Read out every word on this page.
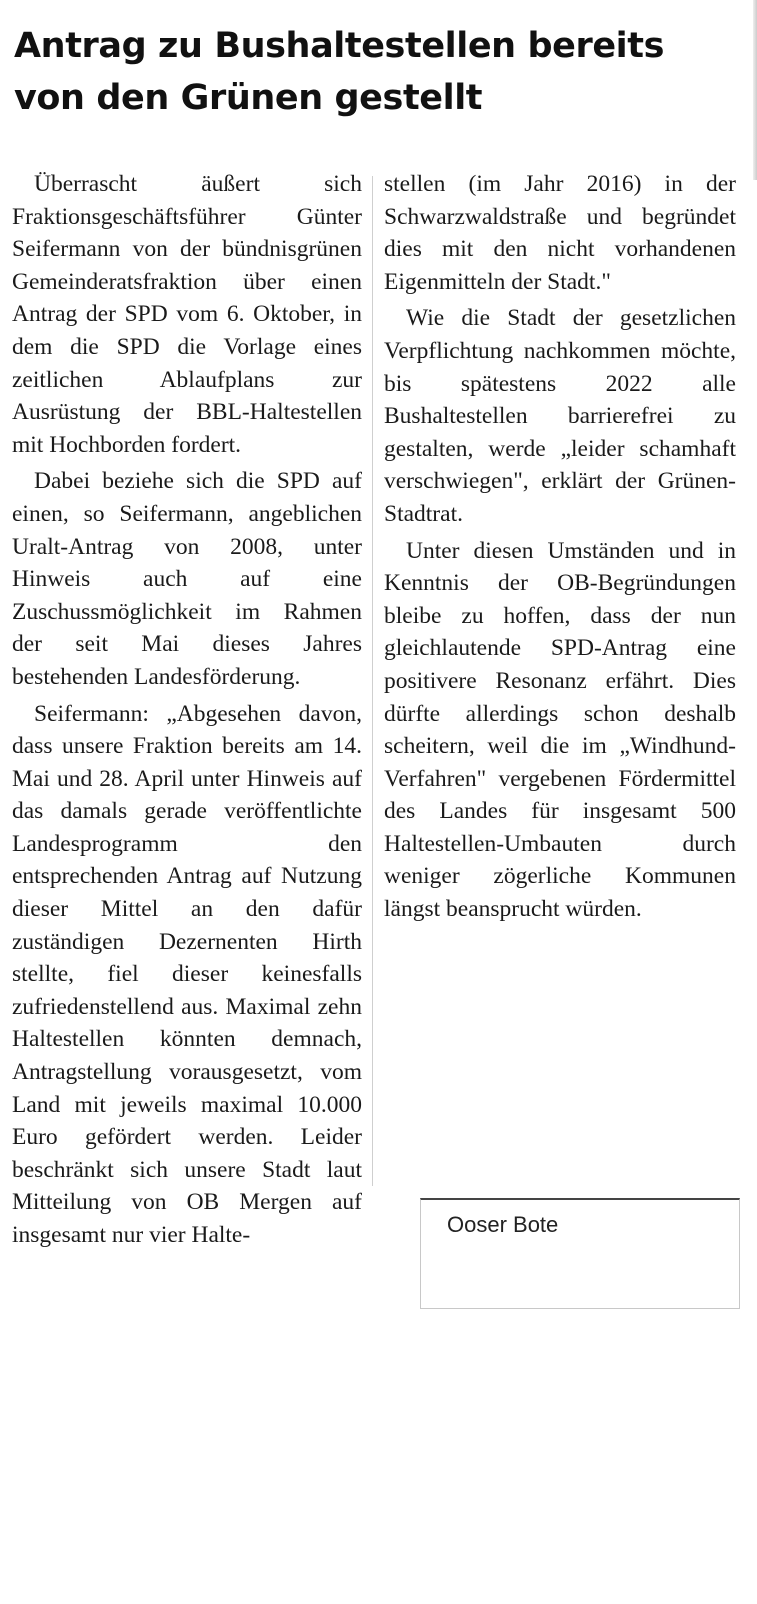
Antrag zu Bushaltestellen bereits von den Grünen gestellt

Überrascht äußert sich Fraktionsgeschäftsführer Günter Seifermann von der bündnisgrünen Gemeinderatsfraktion über einen Antrag der SPD vom 6. Oktober, in dem die SPD die Vorlage eines zeitlichen Ablaufplans zur Ausrüstung der BBL-Haltestellen mit Hochborden fordert.

Dabei beziehe sich die SPD auf einen, so Seifermann, angeblichen Uralt-Antrag von 2008, unter Hinweis auch auf eine Zuschussmöglichkeit im Rahmen der seit Mai dieses Jahres bestehenden Landesförderung.

Seifermann: „Abgesehen davon, dass unsere Fraktion bereits am 14. Mai und 28. April unter Hinweis auf das damals gerade veröffentlichte Landesprogramm den entsprechenden Antrag auf Nutzung dieser Mittel an den dafür zuständigen Dezernenten Hirth stellte, fiel dieser keinesfalls zufriedenstellend aus. Maximal zehn Haltestellen könnten demnach, Antragstellung vorausgesetzt, vom Land mit jeweils maximal 10.000 Euro gefördert werden. Leider beschränkt sich unsere Stadt laut Mitteilung von OB Mergen auf insgesamt nur vier Halte-

stellen (im Jahr 2016) in der Schwarzwaldstraße und begründet dies mit den nicht vorhandenen Eigenmitteln der Stadt."

Wie die Stadt der gesetzlichen Verpflichtung nachkommen möchte, bis spätestens 2022 alle Bushaltestellen barrierefrei zu gestalten, werde „leider schamhaft verschwiegen", erklärt der Grünen-Stadtrat.

Unter diesen Umständen und in Kenntnis der OB-Begründungen bleibe zu hoffen, dass der nun gleichlautende SPD-Antrag eine positivere Resonanz erfährt. Dies dürfte allerdings schon deshalb scheitern, weil die im „Windhund-Verfahren" vergebenen Fördermittel des Landes für insgesamt 500 Haltestellen-Umbauten durch weniger zögerliche Kommunen längst beansprucht würden.

Ooser Bote
